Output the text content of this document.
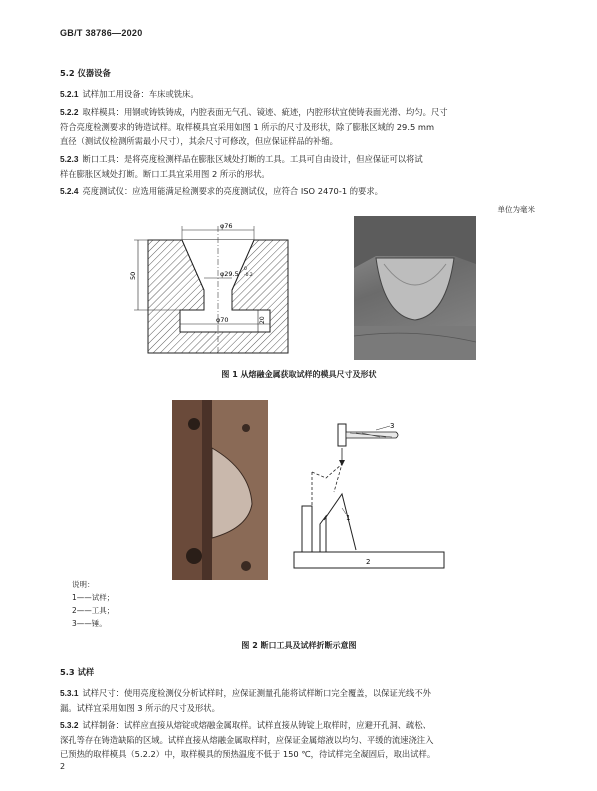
GB/T 38786—2020
5.2 仪器设备
5.2.1 试样加工用设备：车床或铣床。
5.2.2 取样模具：用钢或铸铁铸成，内腔表面无气孔、镜迹、疵迹，内腔形状宜使铸表面光滑、均匀。尺寸
符合亮度检测要求的铸造试样。取样模具宜采用如图 1 所示的尺寸及形状，除了膨胀区域的 29.5 mm
直径（测试仪检测所需最小尺寸），其余尺寸可修改，但应保证样品的补缩。
5.2.3 断口工具：是将亮度检测样品在膨胀区域处打断的工具。工具可自由设计，但应保证可以将试
样在膨胀区域处打断。断口工具宜采用图 2 所示的形状。
5.2.4 亮度测试仪：应选用能满足检测要求的亮度测试仪，应符合 ISO 2470-1 的要求。
单位为毫米
φ76
φ29.5
0
-0.2
φ70	20
50
图 1 从熔融金属获取试样的模具尺寸及形状
3
1
2
说明：
1——试样；
2——工具；
3——锤。
图 2 断口工具及试样折断示意图
5.3 试样
5.3.1 试样尺寸：使用亮度检测仪分析试样时，应保证测量孔能将试样断口完全覆盖，以保证光线不外
漏。试样宜采用如图 3 所示的尺寸及形状。
5.3.2 试样制备：试样应直接从熔锭或熔融金属取样。试样直接从铸锭上取样时，应避开孔洞、疏松、
深孔等存在铸造缺陷的区域。试样直接从熔融金属取样时，应保证金属熔液以均匀、平缓的流速浇注入
已预热的取样模具（5.2.2）中，取样模具的预热温度不低于 150 ℃，待试样完全凝固后，取出试样。
2
